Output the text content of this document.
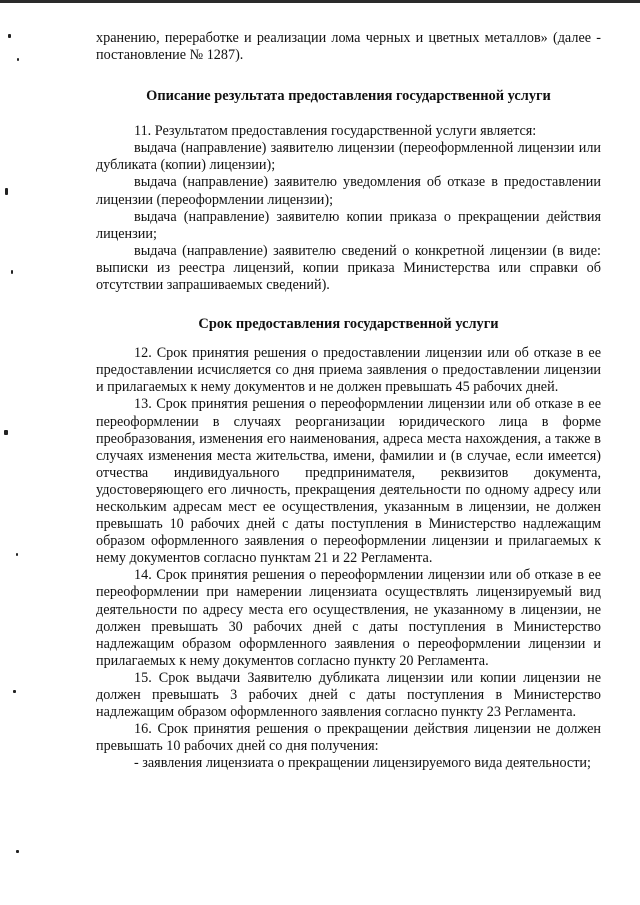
хранению, переработке и реализации лома черных и цветных металлов» (далее - постановление № 1287).

Описание результата предоставления государственной услуги

11. Результатом предоставления государственной услуги является:

выдача (направление) заявителю лицензии (переоформленной лицензии или дубликата (копии) лицензии);

выдача (направление) заявителю уведомления об отказе в предоставлении лицензии (переоформлении лицензии);

выдача (направление) заявителю копии приказа о прекращении действия лицензии;

выдача (направление) заявителю сведений о конкретной лицензии (в виде: выписки из реестра лицензий, копии приказа Министерства или справки об отсутствии запрашиваемых сведений).

Срок предоставления государственной услуги

12. Срок принятия решения о предоставлении лицензии или об отказе в ее предоставлении исчисляется со дня приема заявления о предоставлении лицензии и прилагаемых к нему документов и не должен превышать 45 рабочих дней.

13. Срок принятия решения о переоформлении лицензии или об отказе в ее переоформлении в случаях реорганизации юридического лица в форме преобразования, изменения его наименования, адреса места нахождения, а также в случаях изменения места жительства, имени, фамилии и (в случае, если имеется) отчества индивидуального предпринимателя, реквизитов документа, удостоверяющего его личность, прекращения деятельности по одному адресу или нескольким адресам мест ее осуществления, указанным в лицензии, не должен превышать 10 рабочих дней с даты поступления в Министерство надлежащим образом оформленного заявления о переоформлении лицензии и прилагаемых к нему документов согласно пунктам 21 и 22 Регламента.

14. Срок принятия решения о переоформлении лицензии или об отказе в ее переоформлении при намерении лицензиата осуществлять лицензируемый вид деятельности по адресу места его осуществления, не указанному в лицензии, не должен превышать 30 рабочих дней с даты поступления в Министерство надлежащим образом оформленного заявления о переоформлении лицензии и прилагаемых к нему документов согласно пункту 20 Регламента.

15. Срок выдачи Заявителю дубликата лицензии или копии лицензии не должен превышать 3 рабочих дней с даты поступления в Министерство надлежащим образом оформленного заявления согласно пункту 23 Регламента.

16. Срок принятия решения о прекращении действия лицензии не должен превышать 10 рабочих дней со дня получения:

- заявления лицензиата о прекращении лицензируемого вида деятельности;
